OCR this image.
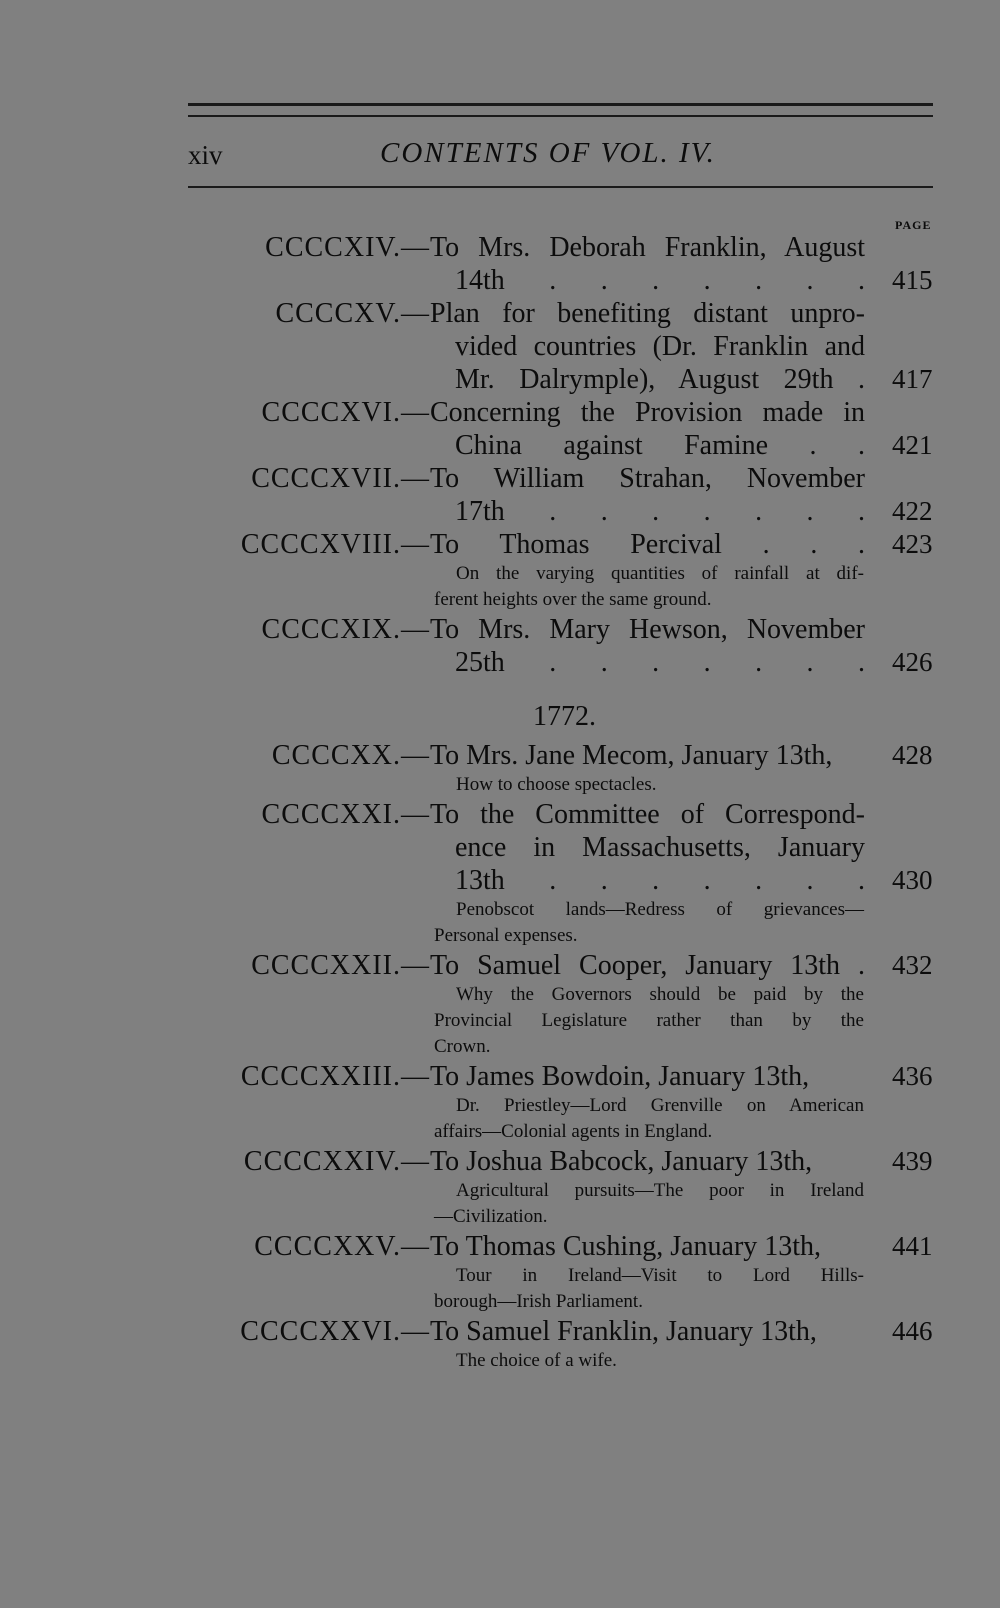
xiv	CONTENTS OF VOL. IV.
PAGE
CCCCXIV.— To Mrs. Deborah Franklin, August
14th . . . . . . . 415
CCCCXV.— Plan for benefiting distant unpro-
vided countries (Dr. Franklin and
Mr. Dalrymple), August 29th . 417
CCCCXVI.— Concerning the Provision made in
China against Famine . . 421
CCCCXVII.— To William Strahan, November
17th . . . . . . . 422
CCCCXVIII.— To Thomas Percival . . . 423
On the varying quantities of rainfall at dif-
ferent heights over the same ground.
CCCCXIX.— To Mrs. Mary Hewson, November
25th . . . . . . . 426
1772.
CCCCXX.— To Mrs. Jane Mecom, January 13th,	428
How to choose spectacles.
CCCCXXI.— To the Committee of Correspond-
ence in Massachusetts, January
13th . . . . . . . 430
Penobscot lands—Redress of grievances—
Personal expenses.
CCCCXXII.— To Samuel Cooper, January 13th . 432
Why the Governors should be paid by the
Provincial Legislature rather than by the
Crown.
CCCCXXIII.— To James Bowdoin, January 13th,	436
Dr. Priestley—Lord Grenville on American
affairs—Colonial agents in England.
CCCCXXIV.— To Joshua Babcock, January 13th,	439
Agricultural pursuits—The poor in Ireland
—Civilization.
CCCCXXV.— To Thomas Cushing, January 13th,	441
Tour in Ireland—Visit to Lord Hills-
borough—Irish Parliament.
CCCCXXVI.— To Samuel Franklin, January 13th,	446
The choice of a wife.
